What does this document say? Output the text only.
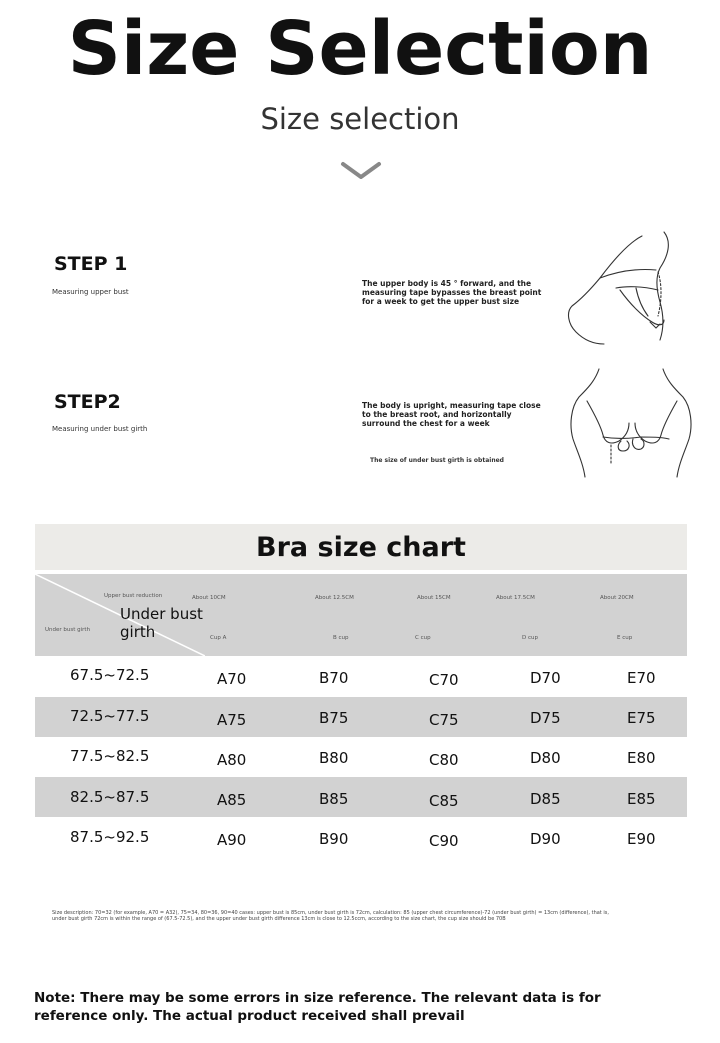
Size Selection
Size selection
STEP 1
Measuring upper bust
The upper body is 45 ° forward, and the measuring tape bypasses the breast point for a week to get the upper bust size
STEP2
Measuring under bust girth
The body is upright, measuring tape close to the breast root, and horizontally surround the chest for a week
The size of under bust girth is obtained
Bra size chart
Upper bust reduction
Under bust girth
Under bust girth
About 10CM	About 12.5CM	About 15CM	About 17.5CM	About 20CM
Cup A	B cup	C cup	D cup	E cup
67.5~72.5	A70	B70	C70	D70	E70
72.5~77.5	A75	B75	C75	D75	E75
77.5~82.5	A80	B80	C80	D80	E80
82.5~87.5	A85	B85	C85	D85	E85
87.5~92.5	A90	B90	C90	D90	E90
Size description: 70=32 (for example, A70 = A32), 75=34, 80=36, 90=40 cases: upper bust is 85cm, under bust girth is 72cm, calculation: 85 (upper chest circumference)-72 (under bust girth) = 13cm (difference), that is, under bust girth 72cm is within the range of (67.5-72.5), and the upper under bust girth difference 13cm is close to 12.5ccm, according to the size chart, the cup size should be 70B
Note: There may be some errors in size reference. The relevant data is for reference only. The actual product received shall prevail
